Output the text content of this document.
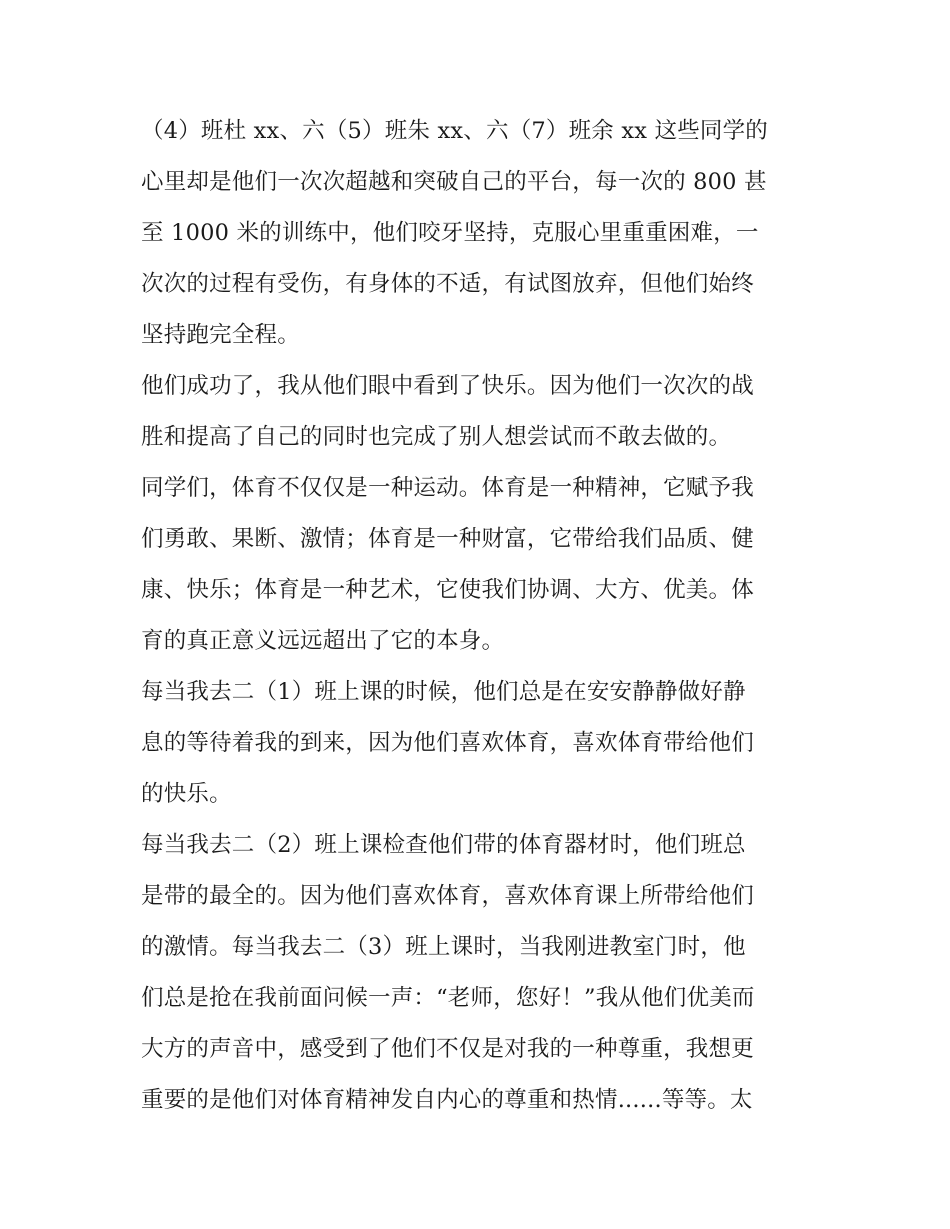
（4）班杜 xx、六（5）班朱 xx、六（7）班余 xx 这些同学的
心里却是他们一次次超越和突破自己的平台，每一次的 800 甚
至 1000 米的训练中，他们咬牙坚持，克服心里重重困难，一
次次的过程有受伤，有身体的不适，有试图放弃，但他们始终
坚持跑完全程。
他们成功了，我从他们眼中看到了快乐。因为他们一次次的战
胜和提高了自己的同时也完成了别人想尝试而不敢去做的。
同学们，体育不仅仅是一种运动。体育是一种精神，它赋予我
们勇敢、果断、激情；体育是一种财富，它带给我们品质、健
康、快乐；体育是一种艺术，它使我们协调、大方、优美。体
育的真正意义远远超出了它的本身。
每当我去二（1）班上课的时候，他们总是在安安静静做好静
息的等待着我的到来，因为他们喜欢体育，喜欢体育带给他们
的快乐。
每当我去二（2）班上课检查他们带的体育器材时，他们班总
是带的最全的。因为他们喜欢体育，喜欢体育课上所带给他们
的激情。每当我去二（3）班上课时，当我刚进教室门时，他
们总是抢在我前面问候一声：“老师，您好！”我从他们优美而
大方的声音中，感受到了他们不仅是对我的一种尊重，我想更
重要的是他们对体育精神发自内心的尊重和热情......等等。太
